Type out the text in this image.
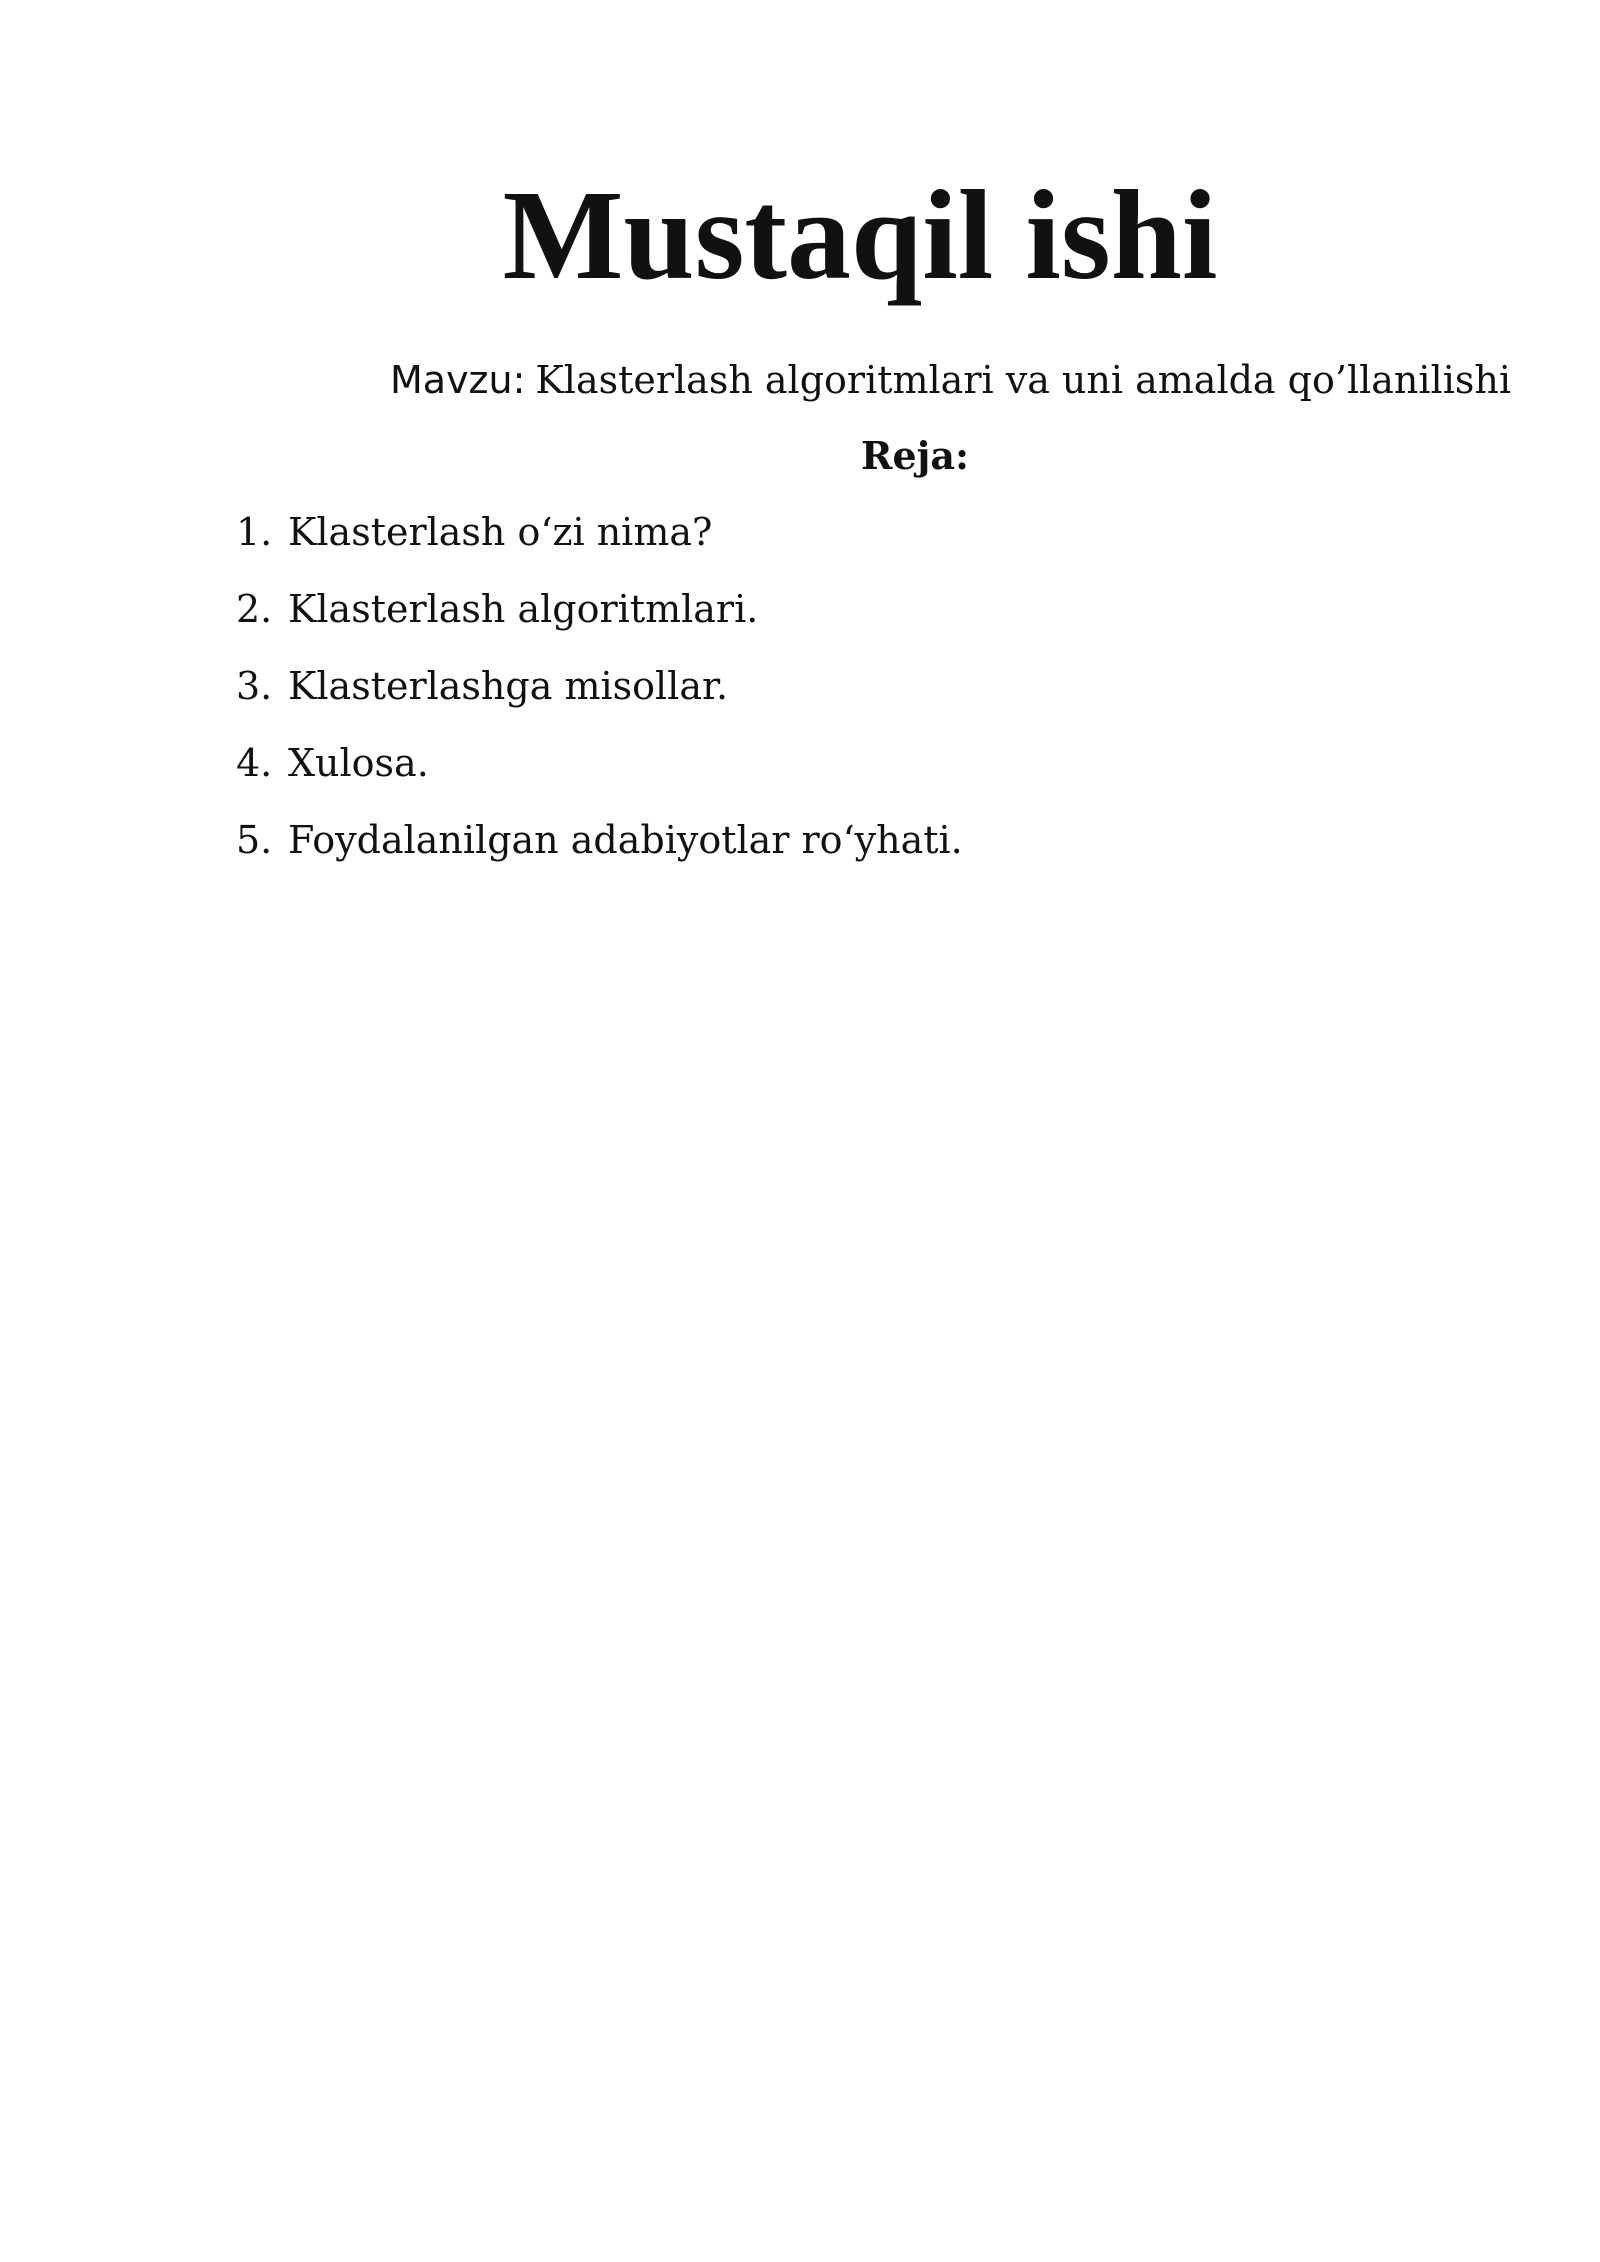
Mustaqil ishi

Mavzu: Klasterlash algoritmlari va uni amalda qo’llanilishi

Reja:
1. Klasterlash o‘zi nima?
2. Klasterlash algoritmlari.
3. Klasterlashga misollar.
4. Xulosa.
5. Foydalanilgan adabiyotlar ro‘yhati.
